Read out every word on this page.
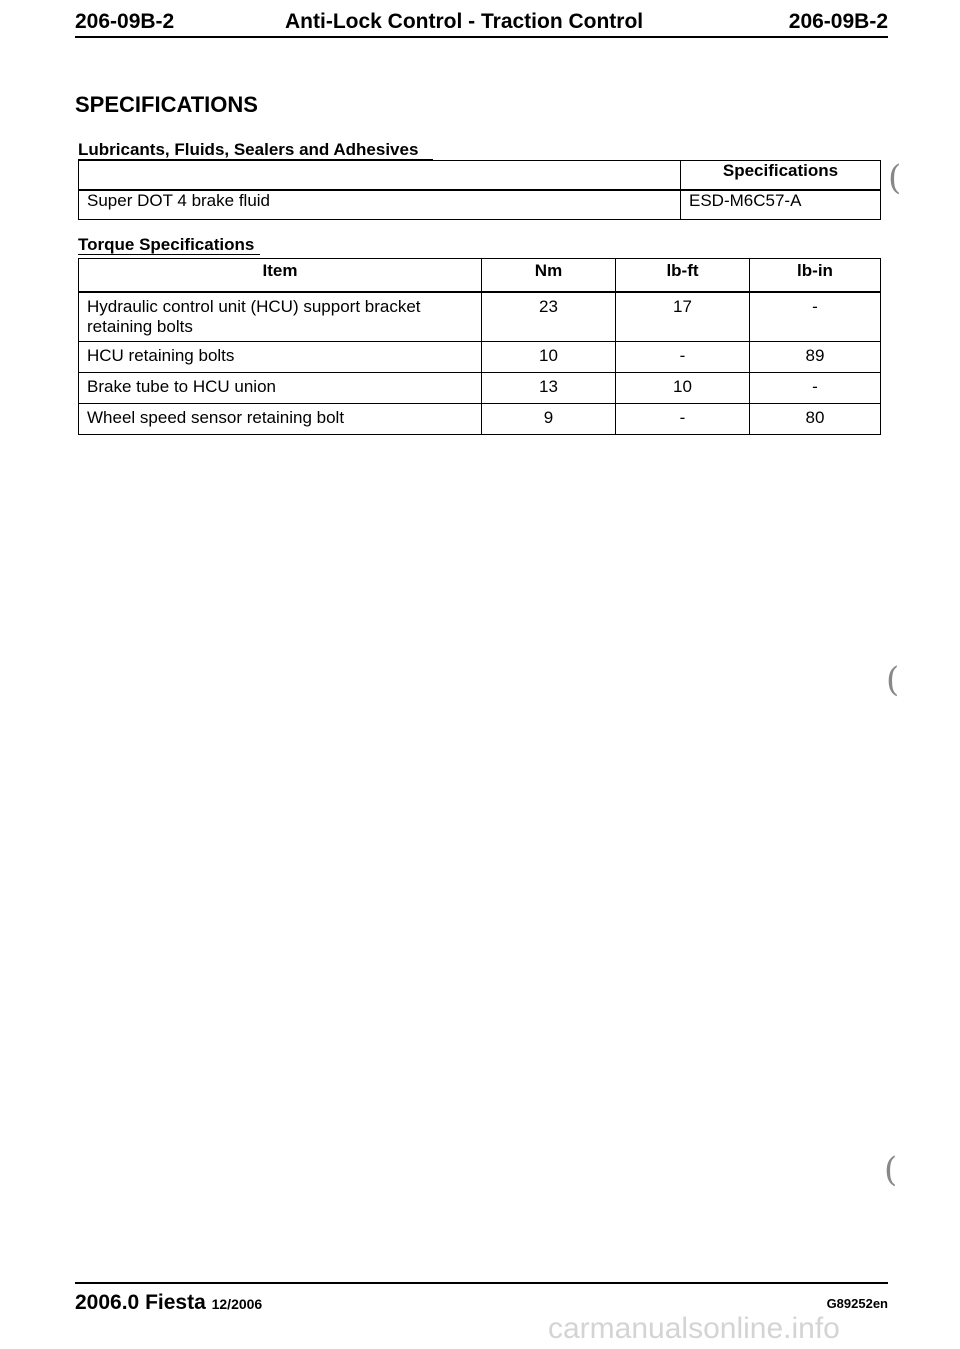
206-09B-2	Anti-Lock Control - Traction Control	206-09B-2
SPECIFICATIONS
Lubricants, Fluids, Sealers and Adhesives
	Specifications
Super DOT 4 brake fluid	ESD-M6C57-A
Torque Specifications
Item	Nm	lb-ft	lb-in
Hydraulic control unit (HCU) support bracket retaining bolts	23	17	-
HCU retaining bolts	10	-	89
Brake tube to HCU union	13	10	-
Wheel speed sensor retaining bolt	9	-	80
(
(
(
2006.0 Fiesta 12/2006	G89252en
carmanualsonline.info
